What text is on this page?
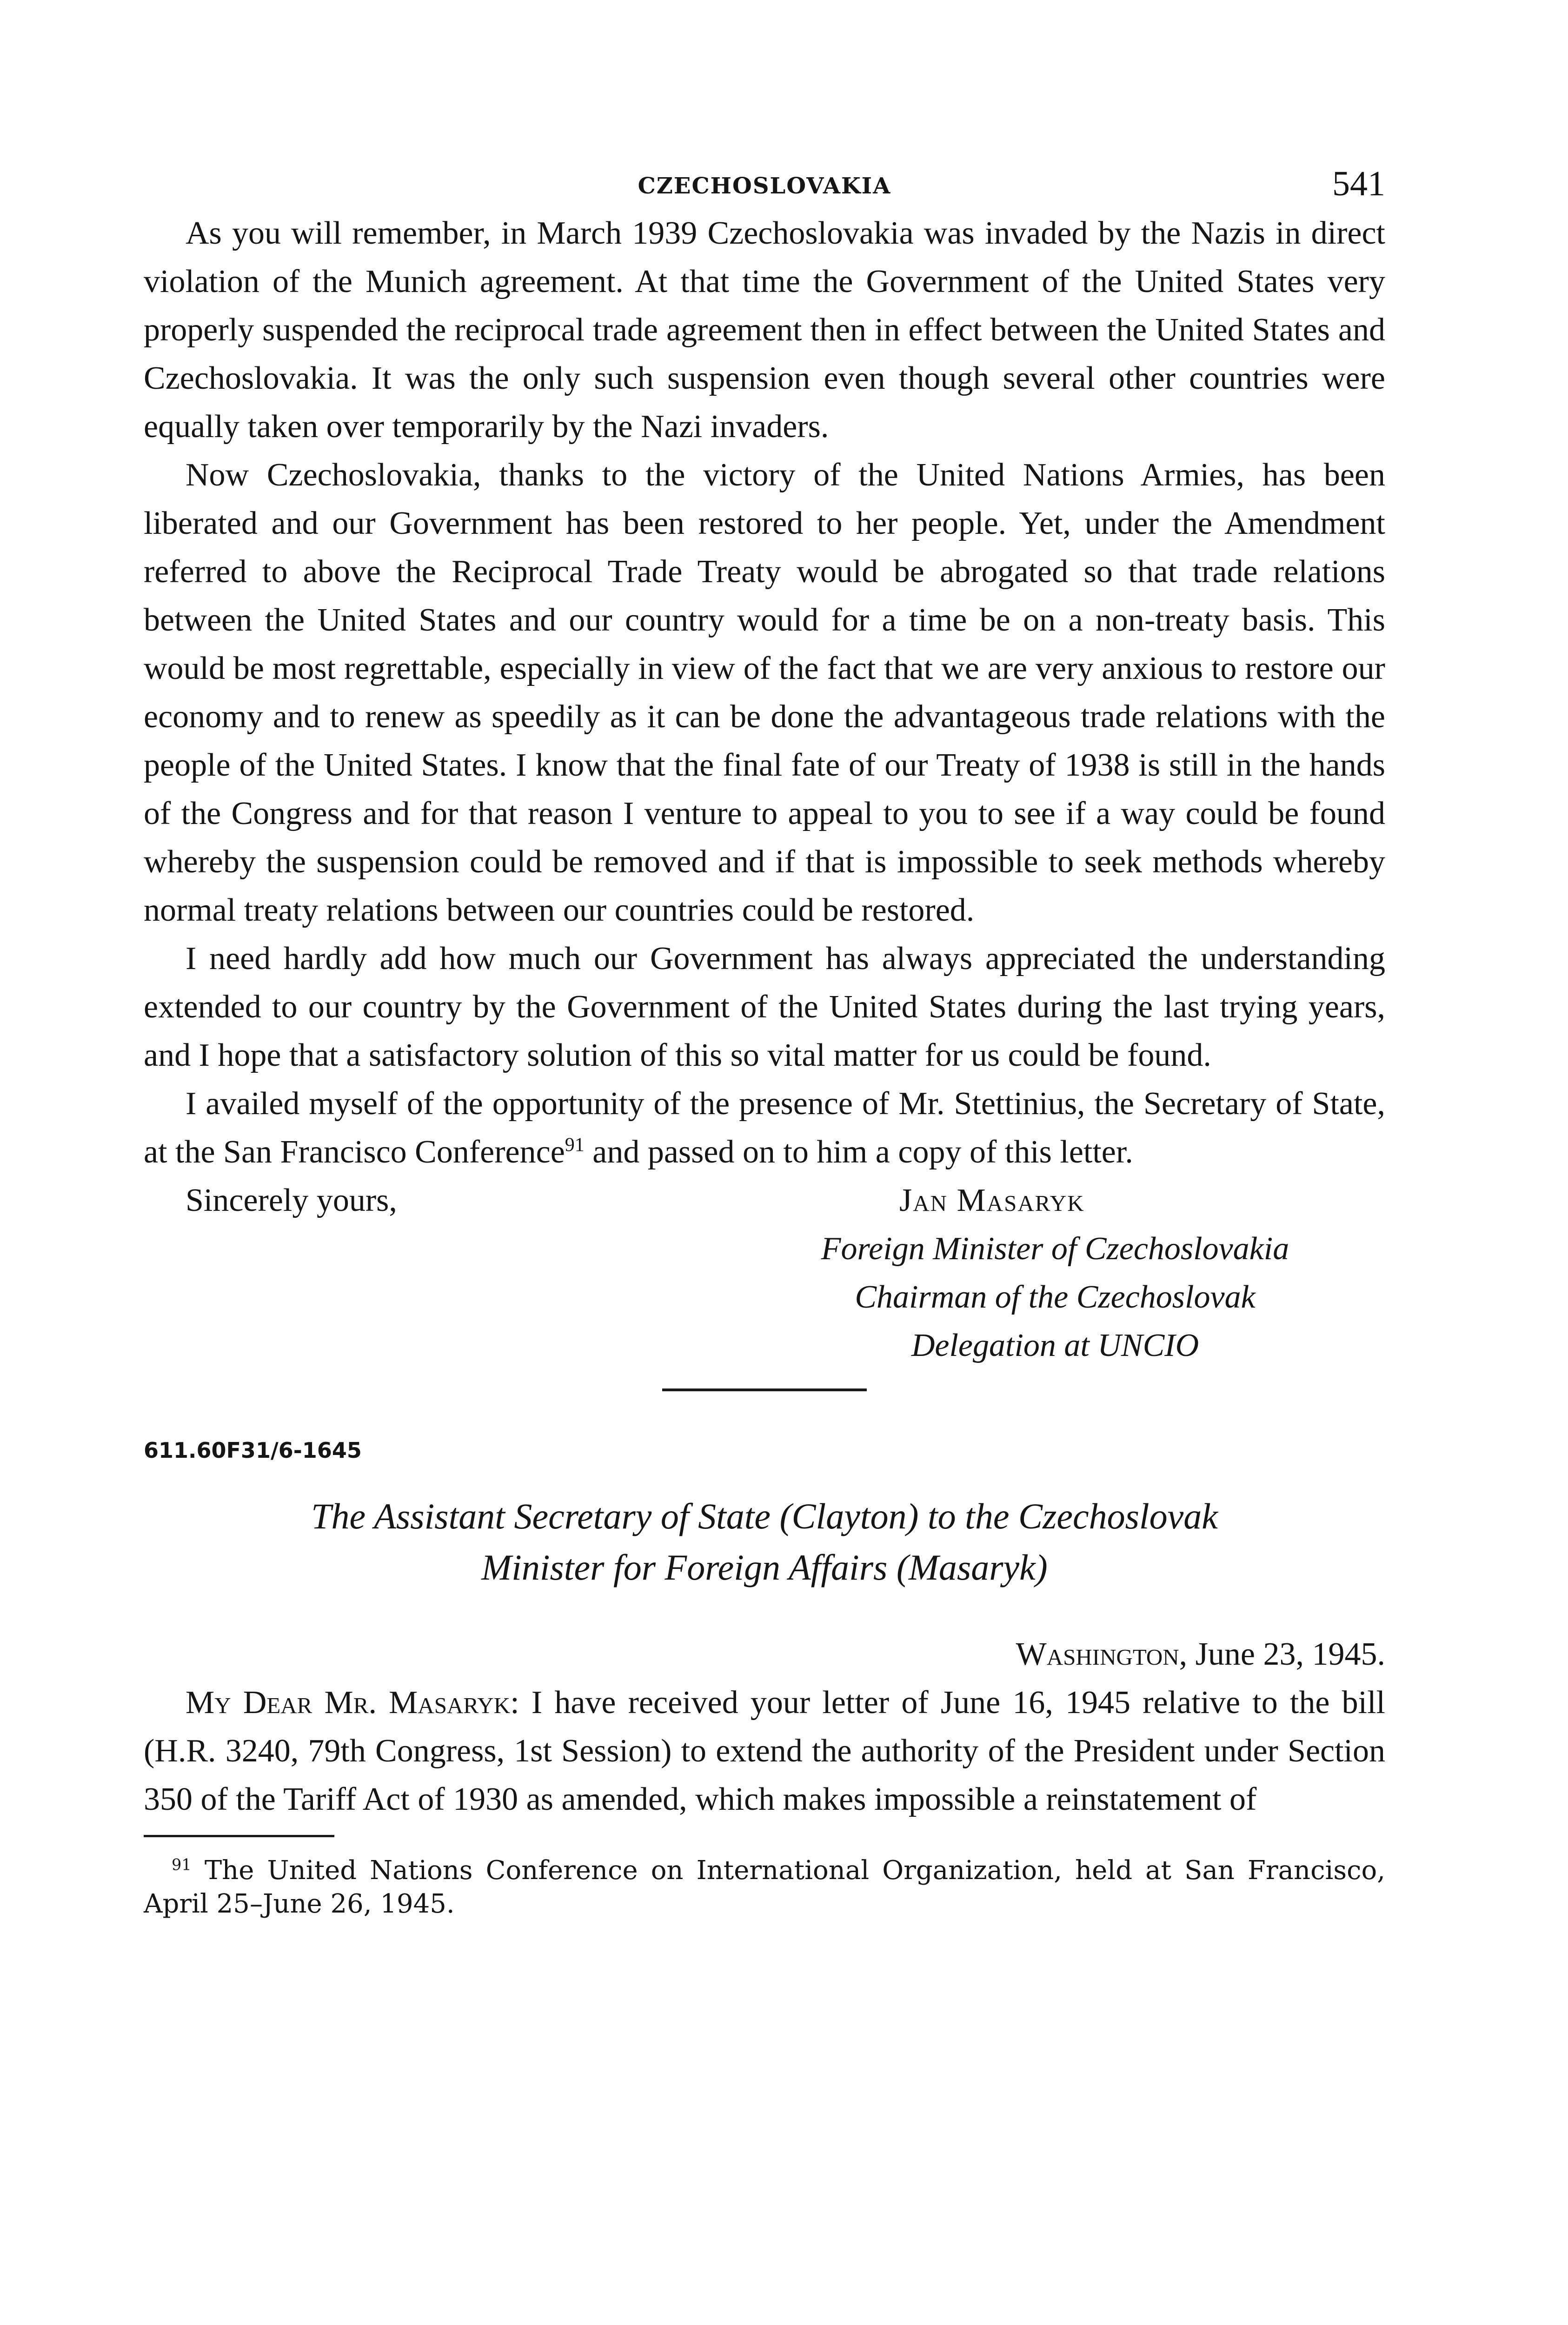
CZECHOSLOVAKIA	541

As you will remember, in March 1939 Czechoslovakia was invaded by the Nazis in direct violation of the Munich agreement. At that time the Government of the United States very properly suspended the reciprocal trade agreement then in effect between the United States and Czechoslovakia. It was the only such suspension even though several other countries were equally taken over temporarily by the Nazi invaders.

Now Czechoslovakia, thanks to the victory of the United Nations Armies, has been liberated and our Government has been restored to her people. Yet, under the Amendment referred to above the Reciprocal Trade Treaty would be abrogated so that trade relations between the United States and our country would for a time be on a non-treaty basis. This would be most regrettable, especially in view of the fact that we are very anxious to restore our economy and to renew as speedily as it can be done the advantageous trade relations with the people of the United States. I know that the final fate of our Treaty of 1938 is still in the hands of the Congress and for that reason I venture to appeal to you to see if a way could be found whereby the suspension could be removed and if that is impossible to seek methods whereby normal treaty relations between our countries could be restored.

I need hardly add how much our Government has always appreciated the understanding extended to our country by the Government of the United States during the last trying years, and I hope that a satisfactory solution of this so vital matter for us could be found.

I availed myself of the opportunity of the presence of Mr. Stettinius, the Secretary of State, at the San Francisco Conference$^{91}$ and passed on to him a copy of this letter.

Sincerely yours,	Jan Masaryk
Foreign Minister of Czechoslovakia
Chairman of the Czechoslovak
Delegation at UNCIO
611.60F31/6-1645
The Assistant Secretary of State (Clayton) to the Czechoslovak
Minister for Foreign Affairs (Masaryk)
Washington, June 23, 1945.

My Dear Mr. Masaryk: I have received your letter of June 16, 1945 relative to the bill (H.R. 3240, 79th Congress, 1st Session) to extend the authority of the President under Section 350 of the Tariff Act of 1930 as amended, which makes impossible a reinstatement of

$^{91}$ The United Nations Conference on International Organization, held at San Francisco, April 25–June 26, 1945.
